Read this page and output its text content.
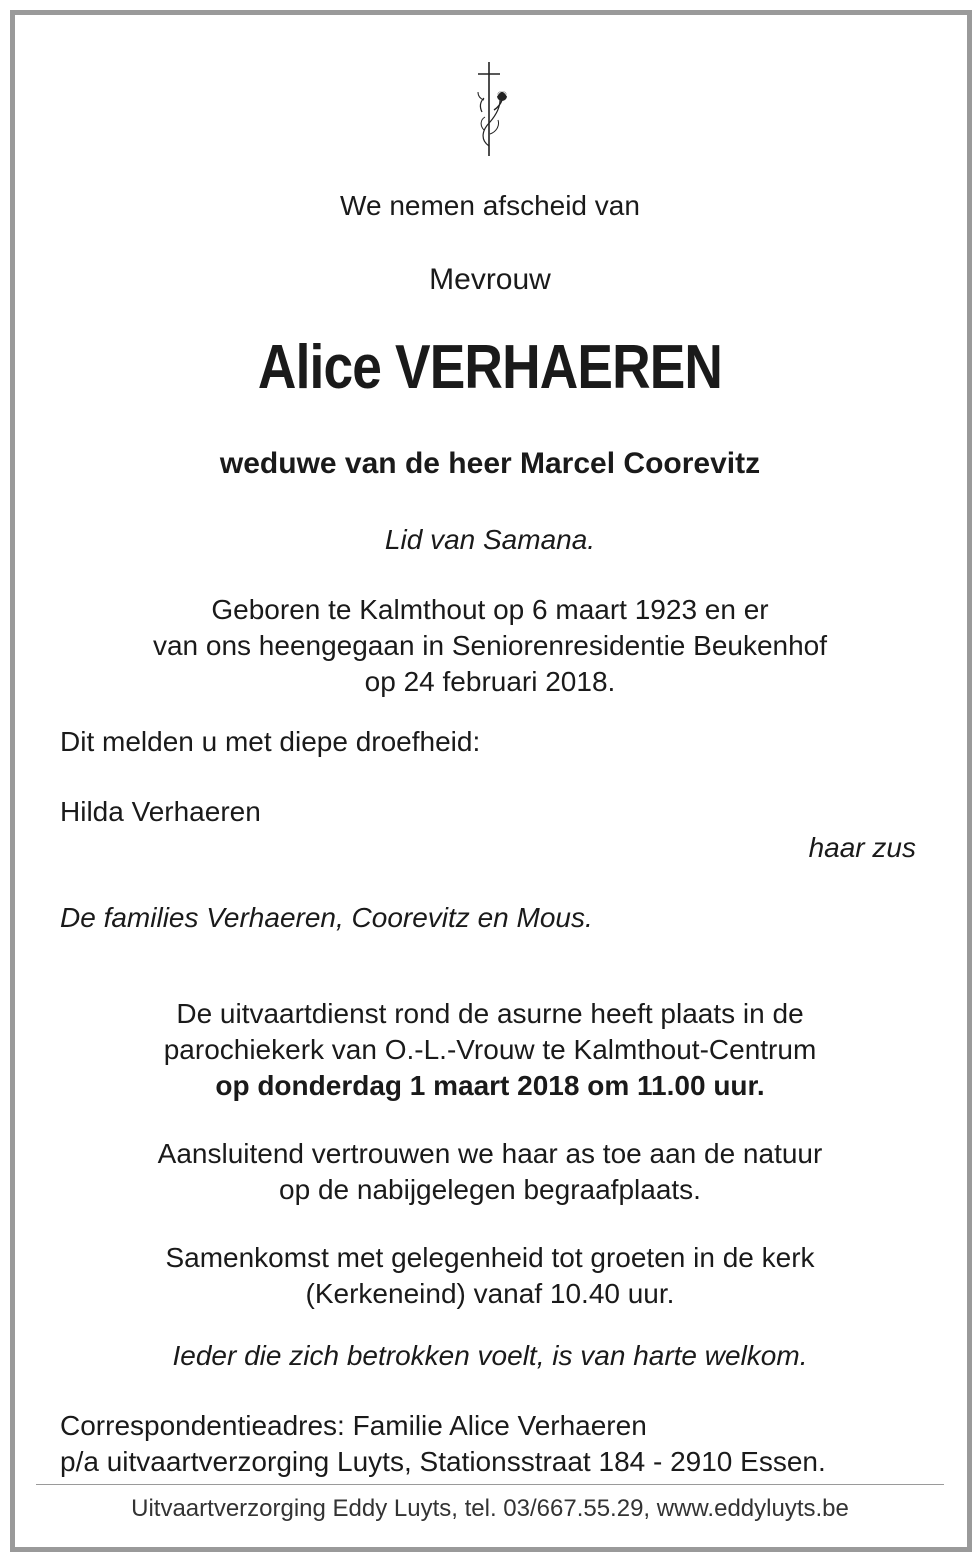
We nemen afscheid van
Mevrouw
Alice VERHAEREN
weduwe van de heer Marcel Coorevitz
Lid van Samana.
Geboren te Kalmthout op 6 maart 1923 en er
van ons heengegaan in Seniorenresidentie Beukenhof
op 24 februari 2018.
Dit melden u met diepe droefheid:
Hilda Verhaeren
haar zus
De families Verhaeren, Coorevitz en Mous.
De uitvaartdienst rond de asurne heeft plaats in de
parochiekerk van O.-L.-Vrouw te Kalmthout-Centrum
op donderdag 1 maart 2018 om 11.00 uur.
Aansluitend vertrouwen we haar as toe aan de natuur
op de nabijgelegen begraafplaats.
Samenkomst met gelegenheid tot groeten in de kerk
(Kerkeneind) vanaf 10.40 uur.
Ieder die zich betrokken voelt, is van harte welkom.
Correspondentieadres: Familie Alice Verhaeren
p/a uitvaartverzorging Luyts, Stationsstraat 184 - 2910 Essen.
Uitvaartverzorging Eddy Luyts, tel. 03/667.55.29, www.eddyluyts.be
